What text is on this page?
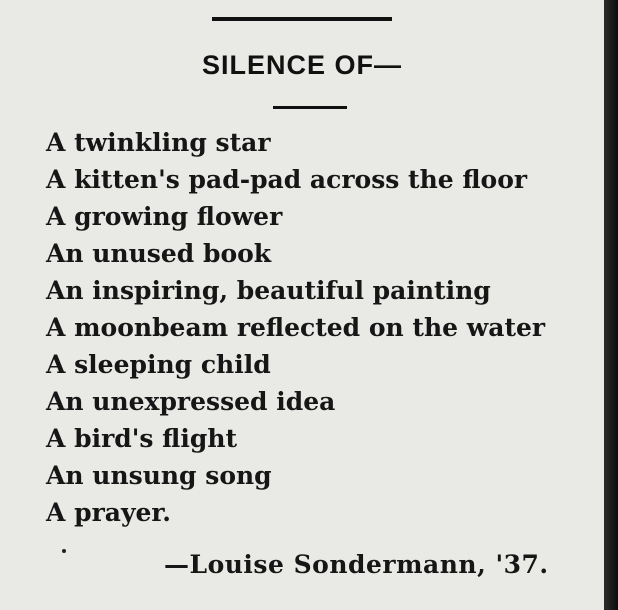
SILENCE OF—
A twinkling star
A kitten's pad-pad across the floor
A growing flower
An unused book
An inspiring, beautiful painting
A moonbeam reflected on the water
A sleeping child
An unexpressed idea
A bird's flight
An unsung song
A prayer.
—Louise Sondermann, '37.
